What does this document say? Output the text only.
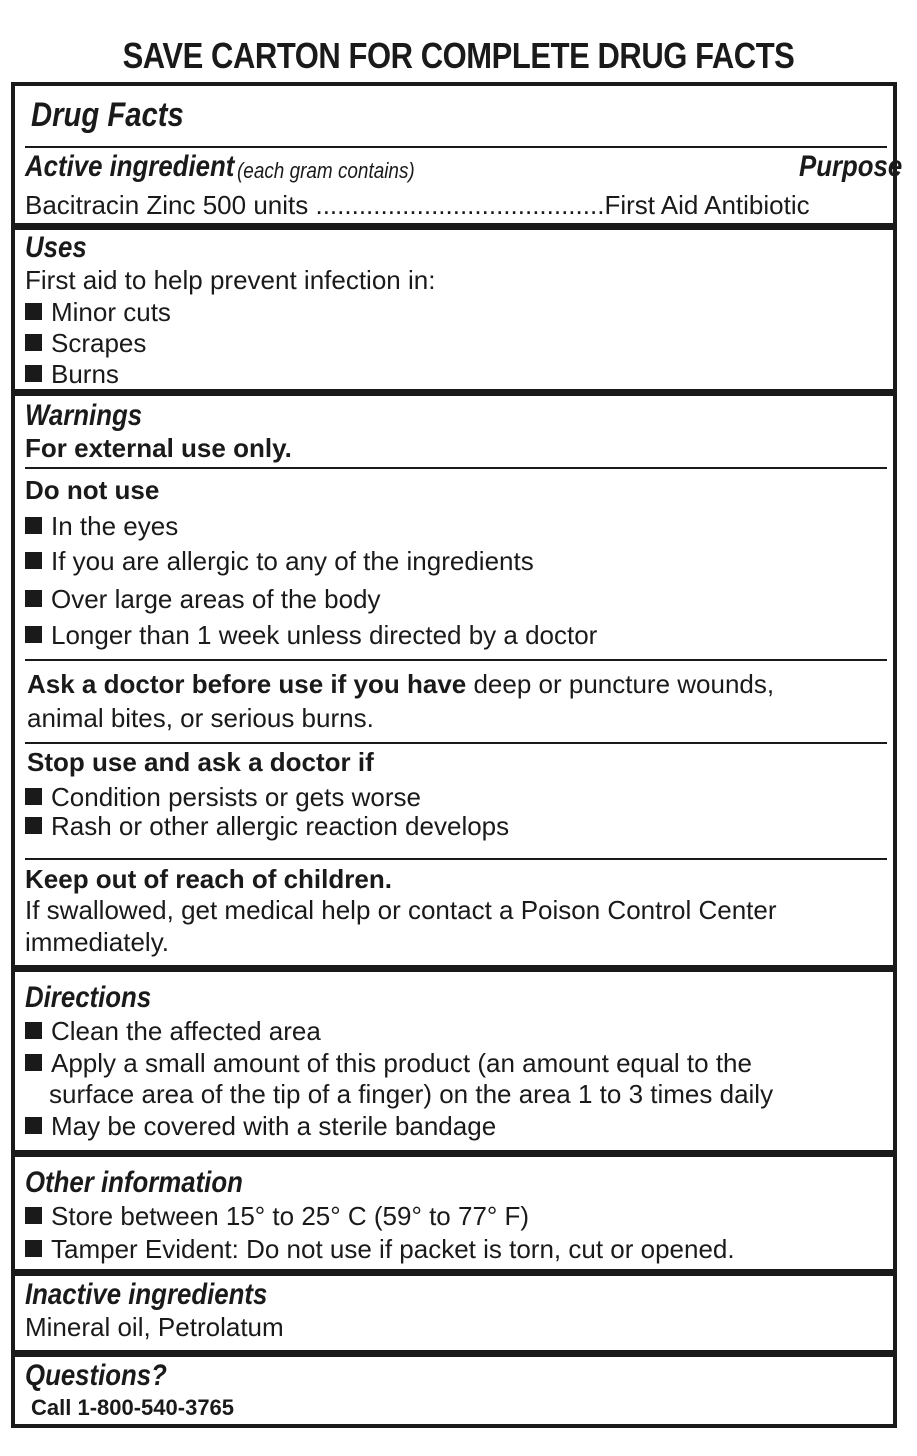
SAVE CARTON FOR COMPLETE DRUG FACTS
Drug Facts
Active ingredient (each gram contains)	Purpose
Bacitracin Zinc 500 units ........................................First Aid Antibiotic
Uses
First aid to help prevent infection in:
Minor cuts
Scrapes
Burns
Warnings
For external use only.
Do not use
In the eyes
If you are allergic to any of the ingredients
Over large areas of the body
Longer than 1 week unless directed by a doctor
Ask a doctor before use if you have deep or puncture wounds,
animal bites, or serious burns.
Stop use and ask a doctor if
Condition persists or gets worse
Rash or other allergic reaction develops
Keep out of reach of children.
If swallowed, get medical help or contact a Poison Control Center
immediately.
Directions
Clean the affected area
Apply a small amount of this product (an amount equal to the
surface area of the tip of a finger) on the area 1 to 3 times daily
May be covered with a sterile bandage
Other information
Store between 15° to 25° C (59° to 77° F)
Tamper Evident: Do not use if packet is torn, cut or opened.
Inactive ingredients
Mineral oil, Petrolatum
Questions?
Call 1-800-540-3765
